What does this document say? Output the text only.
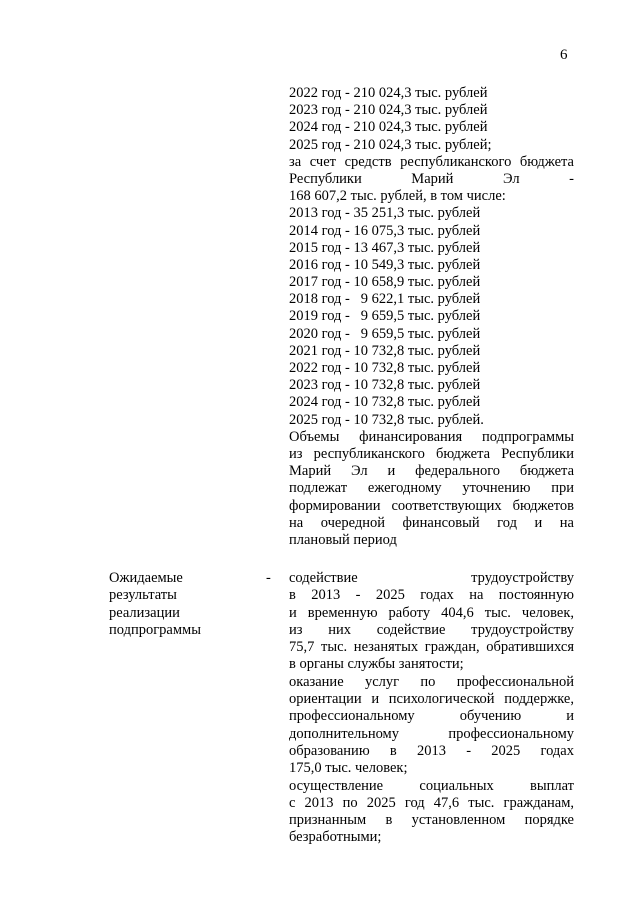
6
2022 год - 210 024,3 тыс. рублей
2023 год - 210 024,3 тыс. рублей
2024 год - 210 024,3 тыс. рублей
2025 год - 210 024,3 тыс. рублей;
за счет средств республиканского бюджета
Республики Марий Эл -
168 607,2 тыс. рублей, в том числе:
2013 год - 35 251,3 тыс. рублей
2014 год - 16 075,3 тыс. рублей
2015 год - 13 467,3 тыс. рублей
2016 год - 10 549,3 тыс. рублей
2017 год - 10 658,9 тыс. рублей
2018 год -   9 622,1 тыс. рублей
2019 год -   9 659,5 тыс. рублей
2020 год -   9 659,5 тыс. рублей
2021 год - 10 732,8 тыс. рублей
2022 год - 10 732,8 тыс. рублей
2023 год - 10 732,8 тыс. рублей
2024 год - 10 732,8 тыс. рублей
2025 год - 10 732,8 тыс. рублей.
Объемы финансирования подпрограммы
из республиканского бюджета Республики
Марий Эл и федерального бюджета
подлежат ежегодному уточнению при
формировании соответствующих бюджетов
на очередной финансовый год и на
плановый период
Ожидаемые
результаты
реализации
подпрограммы
- содействие трудоустройству
в 2013 - 2025 годах на постоянную
и временную работу 404,6 тыс. человек,
из них содействие трудоустройству
75,7 тыс. незанятых граждан, обратившихся
в органы службы занятости;
оказание услуг по профессиональной
ориентации и психологической поддержке,
профессиональному обучению и
дополнительному профессиональному
образованию в 2013 - 2025 годах
175,0 тыс. человек;
осуществление социальных выплат
с 2013 по 2025 год 47,6 тыс. гражданам,
признанным в установленном порядке
безработными;
